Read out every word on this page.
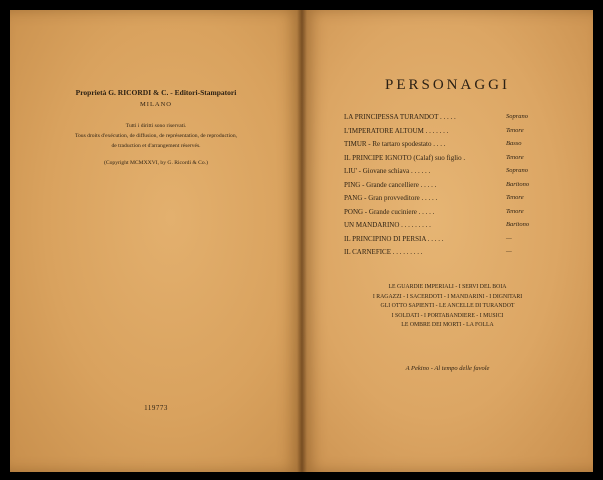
Proprietà G. RICORDI & C. - Editori-Stampatori
MILANO
Tutti i diritti sono riservati.
Tous droits d'exécution, de diffusion, de représentation, de reproduction,
de traduction et d'arrangement réservés.
(Copyright MCMXXVI, by G. Ricordi & Co.)
119773
PERSONAGGI
LA PRINCIPESSA TURANDOT . . . . .	Soprano
L'IMPERATORE ALTOUM . . . . . . .	Tenore
TIMUR - Re tartaro spodestato . . . .	Basso
IL PRINCIPE IGNOTO (Calaf) suo figlio .	Tenore
LIU' - Giovane schiava . . . . . .	Soprano
PING - Grande cancelliere . . . . .	Baritono
PANG - Gran provveditore . . . . .	Tenore
PONG - Grande cuciniere . . . . .	Tenore
UN MANDARINO . . . . . . . . .	Baritono
IL PRINCIPINO DI PERSIA . . . . .	—
IL CARNEFICE . . . . . . . . .	—
LE GUARDIE IMPERIALI - I SERVI DEL BOIA
I RAGAZZI - I SACERDOTI - I MANDARINI - I DIGNITARI
GLI OTTO SAPIENTI - LE ANCELLE DI TURANDOT
I SOLDATI - I PORTABANDIERE - I MUSICI
LE OMBRE DEI MORTI - LA FOLLA
A Pekino - Al tempo delle favole
